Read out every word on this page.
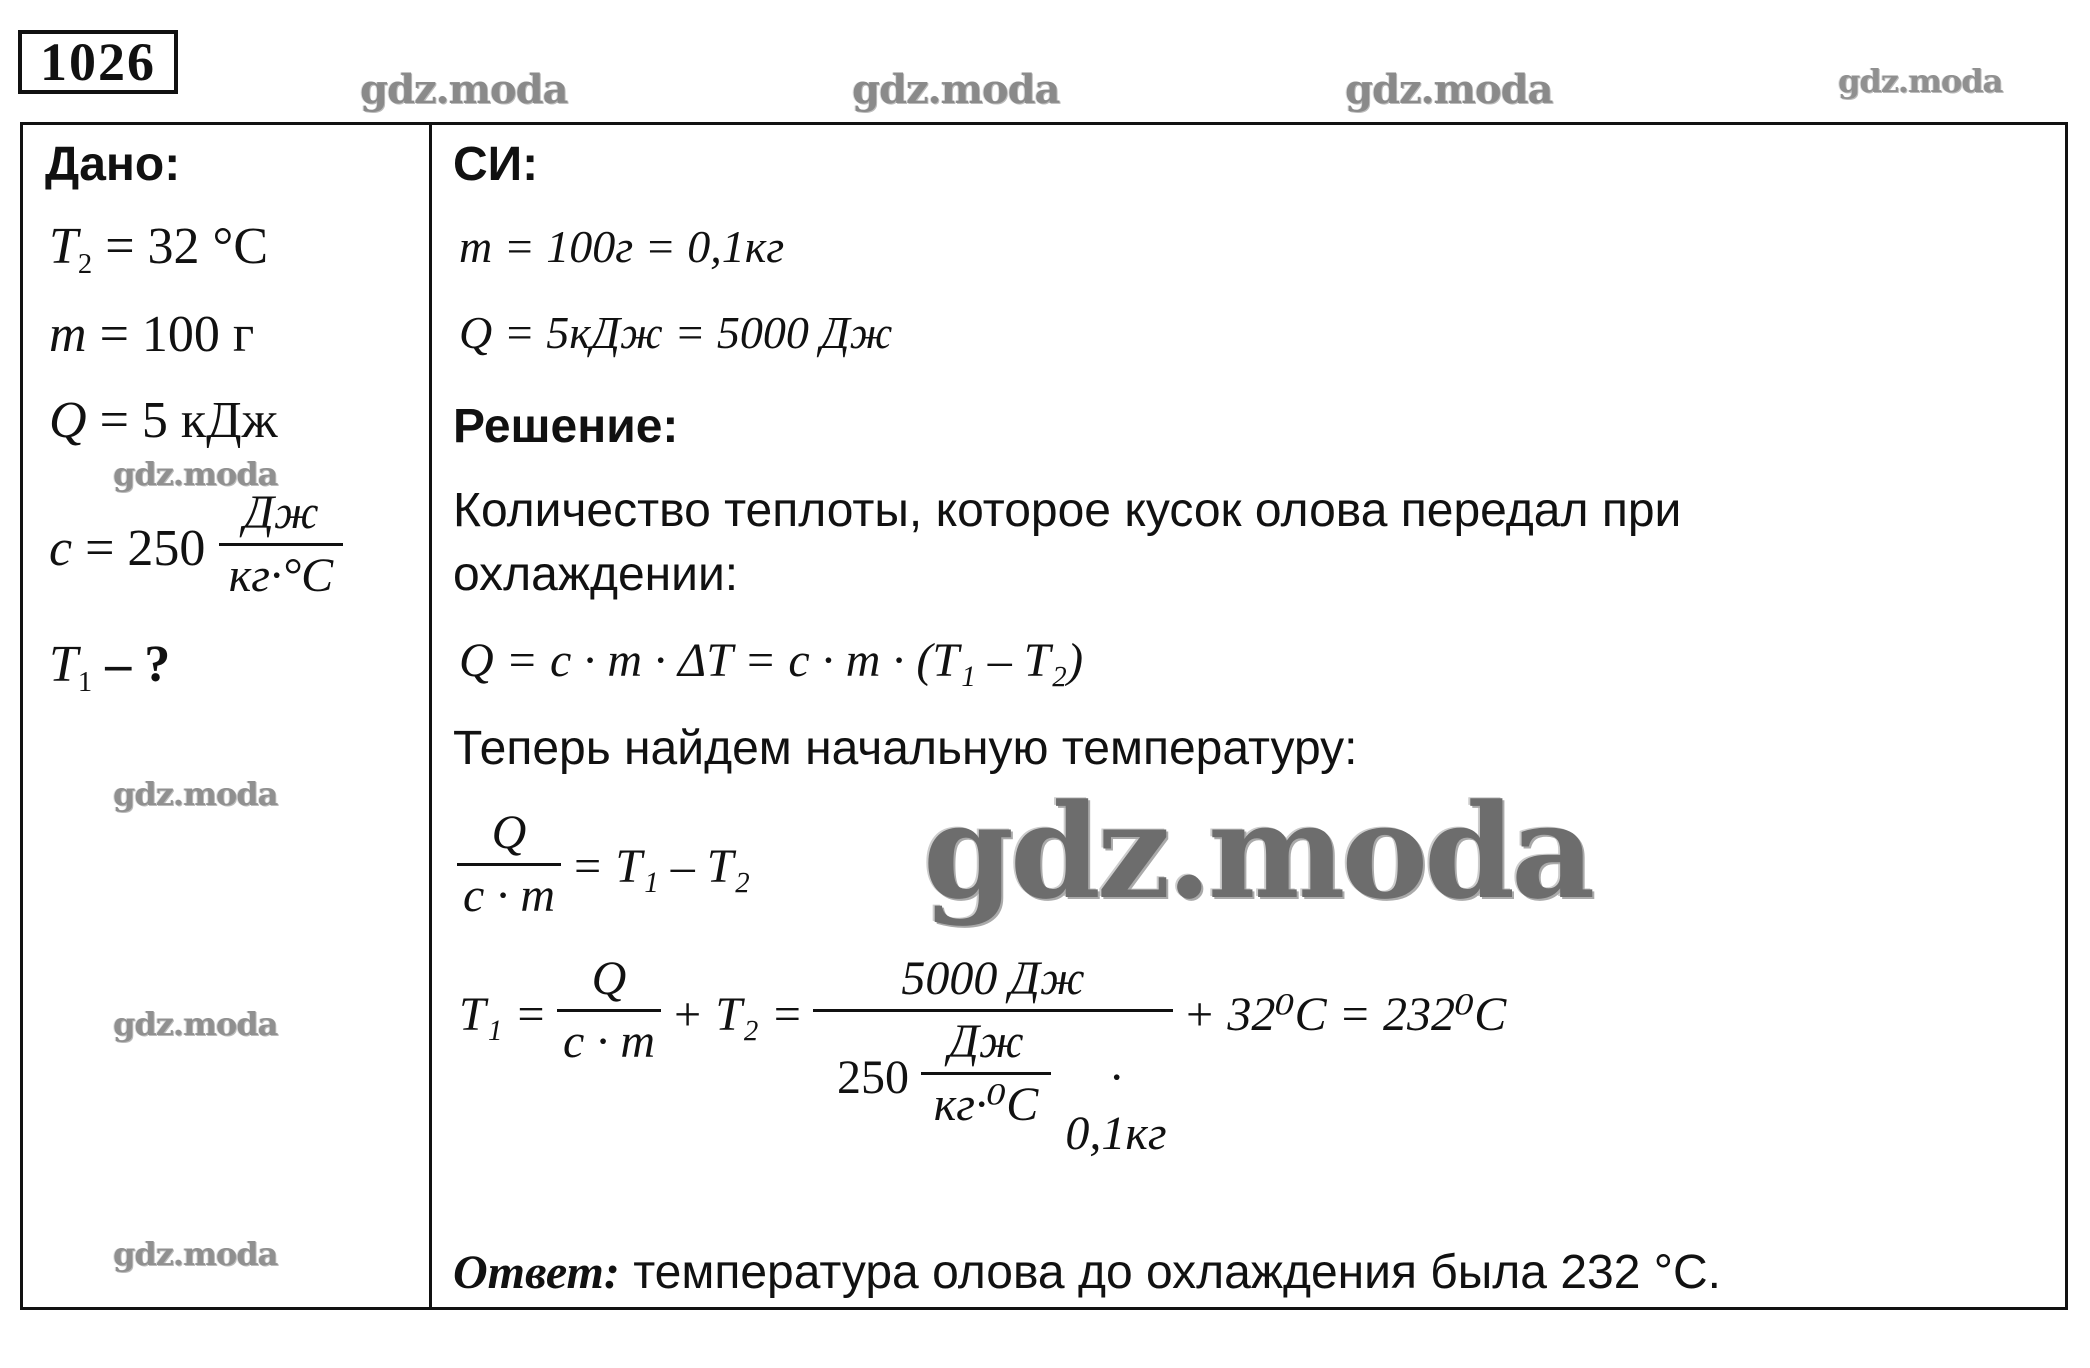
1026	gdz.moda	gdz.moda	gdz.moda	gdz.moda
Дано:
$T_2 = 32$ °C
m = 100 г
Q = 5 кДж
gdz.moda
c = 250
Дж
кг·°C
$T_1$ – ?
gdz.moda
gdz.moda
gdz.moda
СИ:
m = 100г = 0,1кг
Q = 5кДж = 5000 Дж
Решение:
Количество теплоты, которое кусок олова передал при
охлаждении:
Q = c · m · ΔT = c · m · (T₁ – T₂)
Теперь найдем начальную температуру:
Q
c · m
= T₁ – T₂ gdz.moda
T₁ =
Q
c · m
+ T₂ =
5000 Дж
250
Дж
кг·⁰C
· 0,1кг
+ 32⁰C = 232⁰C
Ответ: температура олова до охлаждения была 232 °C.
